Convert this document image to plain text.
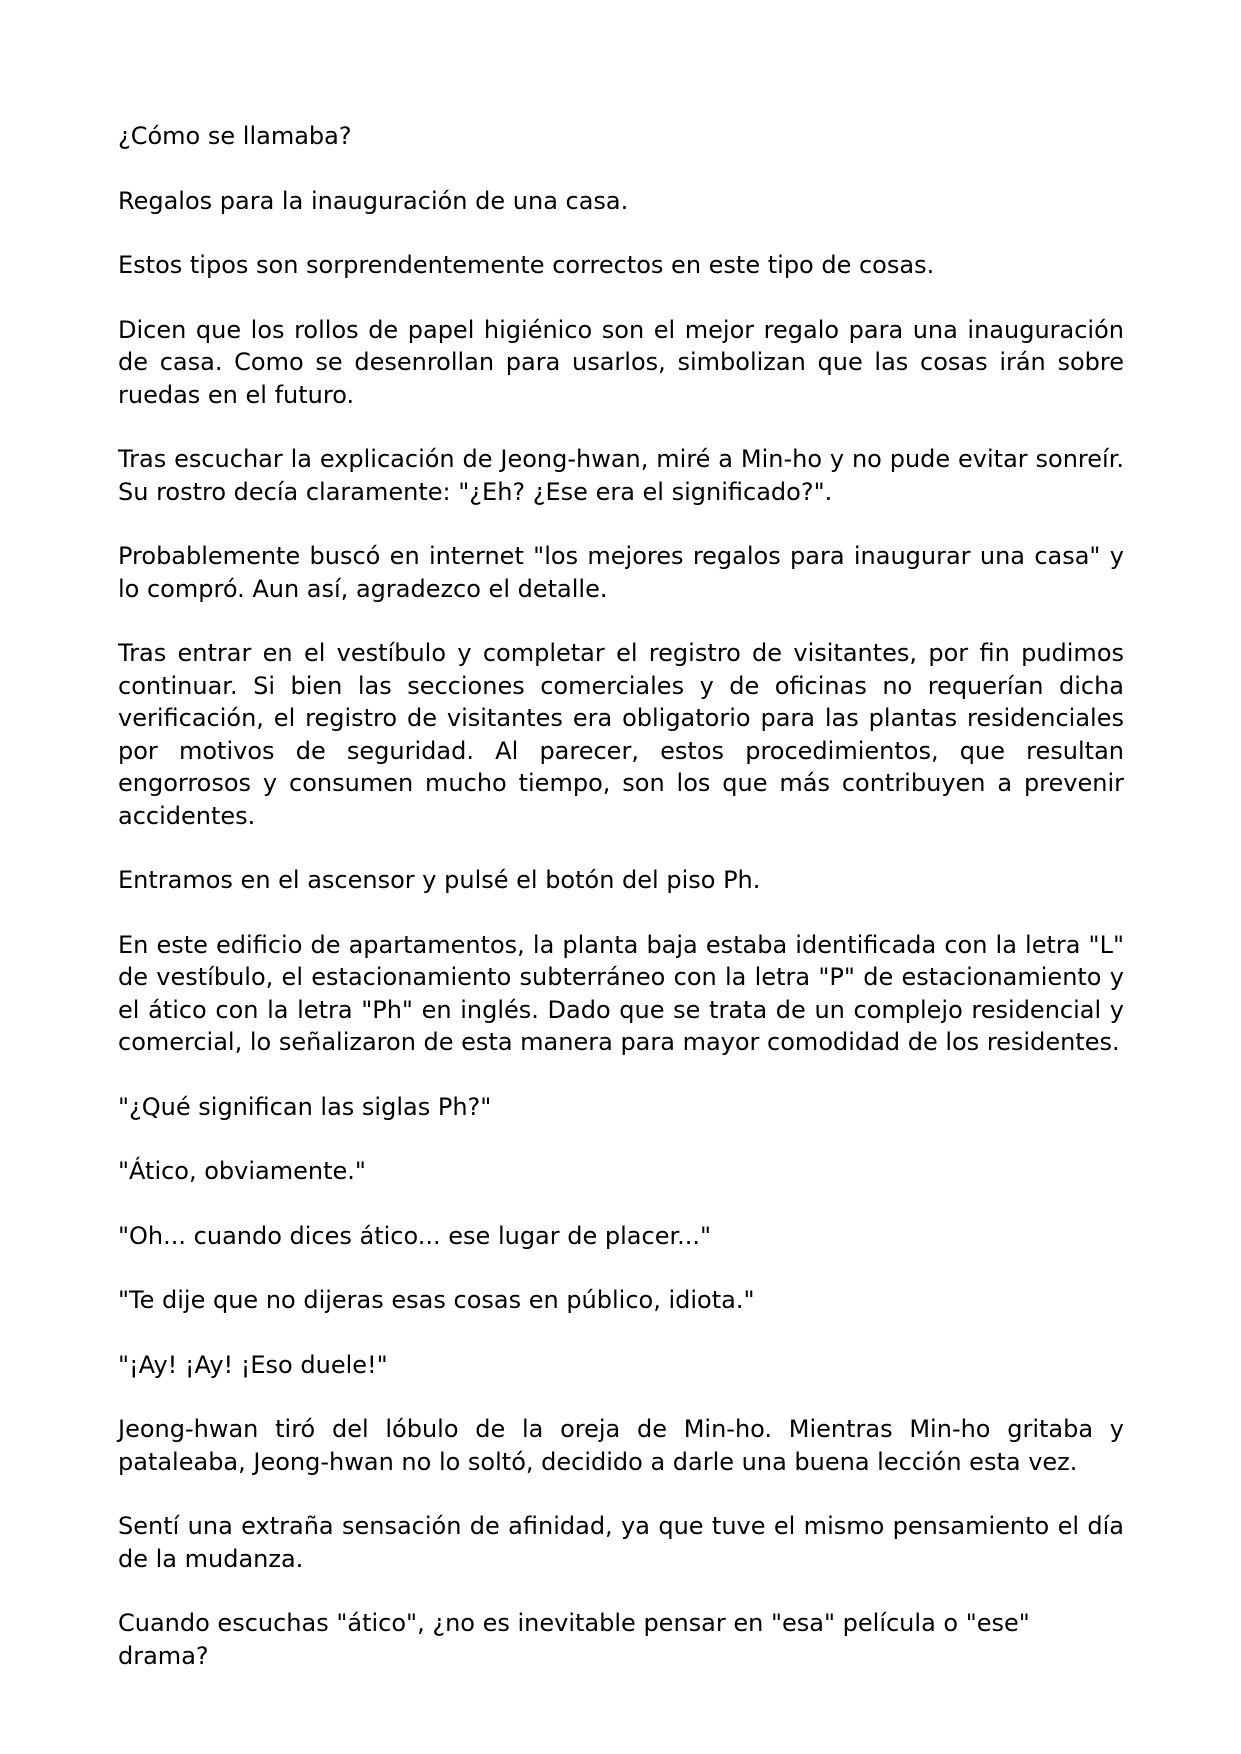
¿Cómo se llamaba?

Regalos para la inauguración de una casa.

Estos tipos son sorprendentemente correctos en este tipo de cosas.

Dicen que los rollos de papel higiénico son el mejor regalo para una inauguración de casa. Como se desenrollan para usarlos, simbolizan que las cosas irán sobre ruedas en el futuro.

Tras escuchar la explicación de Jeong-hwan, miré a Min-ho y no pude evitar sonreír. Su rostro decía claramente: "¿Eh? ¿Ese era el significado?".

Probablemente buscó en internet "los mejores regalos para inaugurar una casa" y lo compró. Aun así, agradezco el detalle.

Tras entrar en el vestíbulo y completar el registro de visitantes, por fin pudimos continuar. Si bien las secciones comerciales y de oficinas no requerían dicha verificación, el registro de visitantes era obligatorio para las plantas residenciales por motivos de seguridad. Al parecer, estos procedimientos, que resultan engorrosos y consumen mucho tiempo, son los que más contribuyen a prevenir accidentes.

Entramos en el ascensor y pulsé el botón del piso Ph.

En este edificio de apartamentos, la planta baja estaba identificada con la letra "L" de vestíbulo, el estacionamiento subterráneo con la letra "P" de estacionamiento y el ático con la letra "Ph" en inglés. Dado que se trata de un complejo residencial y comercial, lo señalizaron de esta manera para mayor comodidad de los residentes.

"¿Qué significan las siglas Ph?"

"Ático, obviamente."

"Oh... cuando dices ático... ese lugar de placer..."

"Te dije que no dijeras esas cosas en público, idiota."

"¡Ay! ¡Ay! ¡Eso duele!"

Jeong-hwan tiró del lóbulo de la oreja de Min-ho. Mientras Min-ho gritaba y pataleaba, Jeong-hwan no lo soltó, decidido a darle una buena lección esta vez.

Sentí una extraña sensación de afinidad, ya que tuve el mismo pensamiento el día de la mudanza.

Cuando escuchas "ático", ¿no es inevitable pensar en "esa" película o "ese" drama?
